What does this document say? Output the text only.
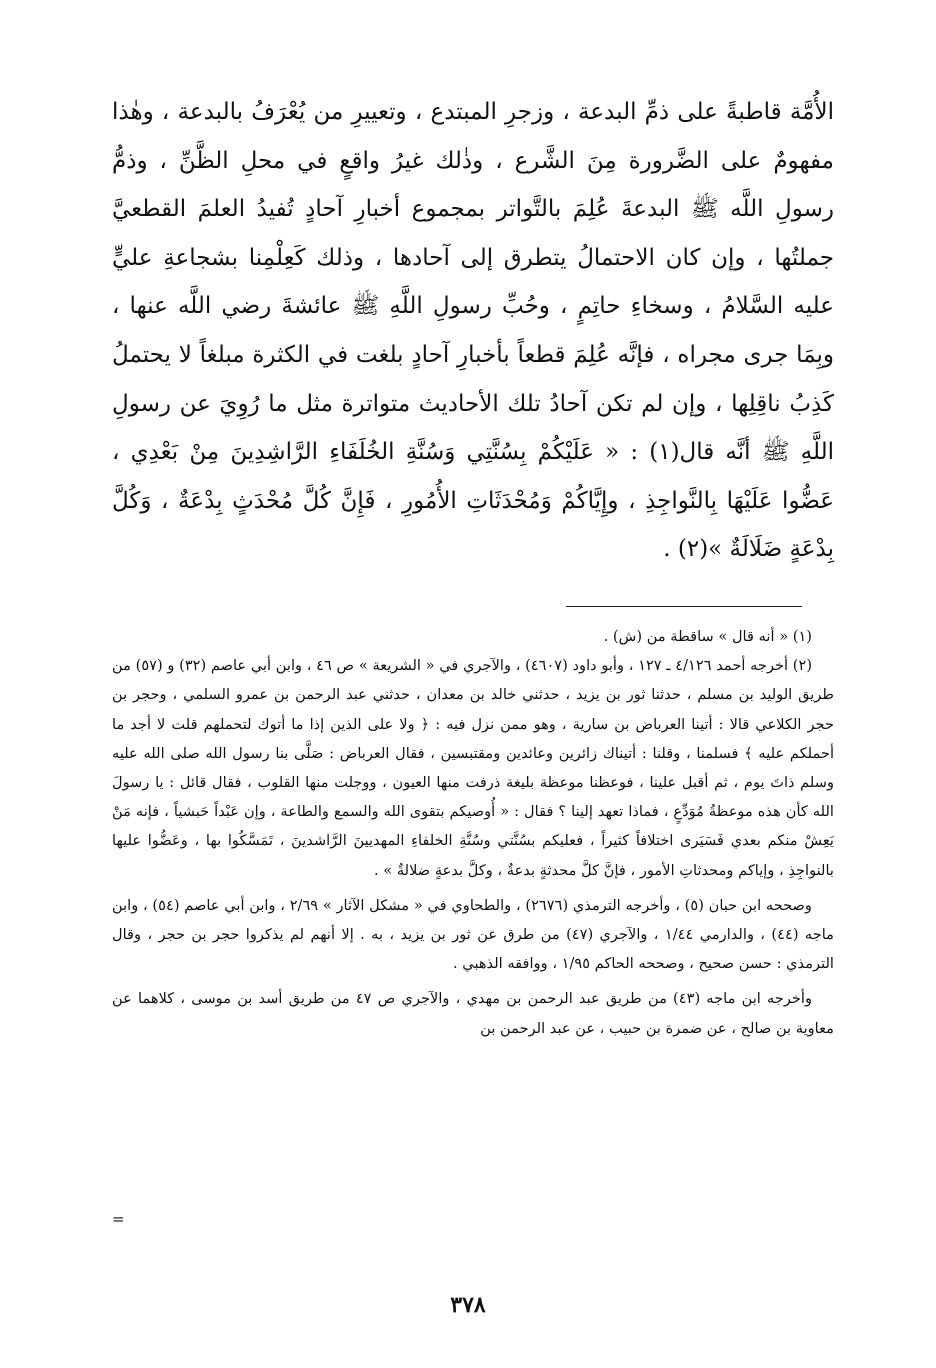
الأُمَّة قاطبةً على ذمِّ البدعة ، وزجرِ المبتدع ، وتعييرِ من يُعْرَفُ بالبدعة ، وهٰذا مفهومٌ على الضَّرورة مِنَ الشَّرع ، وذٰلك غيرُ واقعٍ في محلِ الظَّنِّ ، وذمُّ رسولِ اللَّه ﷺ البدعةَ عُلِمَ بالتَّواتر بمجموع أخبارِ آحادٍ تُفيدُ العلمَ القطعيَّ جملتُها ، وإن كان الاحتمالُ يتطرق إلى آحادها ، وذلك كَعِلْمِنا بشجاعةِ عليٍّ عليه السَّلامُ ، وسخاءِ حاتِمٍ ، وحُبِّ رسولِ اللَّهِ ﷺ عائشةَ رضي اللَّه عنها ، وبِمَا جرى مجراه ، فإنَّه عُلِمَ قطعاً بأخبارِ آحادٍ بلغت في الكثرة مبلغاً لا يحتملُ كَذِبُ ناقِلِها ، وإن لم تكن آحادُ تلك الأحاديث متواترة مثل ما رُوِيَ عن رسولِ اللَّهِ ﷺ أنَّه قال(١) : « عَلَيْكُمْ بِسُنَّتِي وَسُنَّةِ الخُلَفَاءِ الرَّاشِدِينَ مِنْ بَعْدِي ، عَضُّوا عَلَيْهَا بِالنَّواجِذِ ، وإِيَّاكُمْ وَمُحْدَثَاتِ الأُمُورِ ، فَإِنَّ كُلَّ مُحْدَثٍ بِدْعَةٌ ، وَكُلَّ بِدْعَةٍ ضَلَالَةٌ »(٢) .

(١) « أنه قال » ساقطة من (ش) .

(٢) أخرجه أحمد ٤/١٢٦ ـ ١٢٧ ، وأبو داود (٤٦٠٧) ، والآجري في « الشريعة » ص ٤٦ ، وابن أبي عاصم (٣٢) و (٥٧) من طريق الوليد بن مسلم ، حدثنا ثور بن يزيد ، حدثني خالد بن معدان ، حدثني عبد الرحمن بن عمرو السلمي ، وحجر بن حجر الكلاعي قالا : أتينا العرباض بن سارية ، وهو ممن نزل فيه : ﴿ ولا على الذين إذا ما أتوك لتحملهم قلت لا أجد ما أحملكم عليه ﴾ فسلمنا ، وقلنا : أتيناك زائرين وعائدين ومقتبسين ، فقال العرباض : صَلَّى بنا رسول الله صلى الله عليه وسلم ذاتَ يوم ، ثم أقبل علينا ، فوعظنا موعظة بليغة ذرفت منها العيون ، ووجلت منها القلوب ، فقال قائل : يا رسولَ الله كأن هذه موعظةُ مُوَدِّعٍ ، فماذا تعهد إلينا ؟ فقال : « أُوصيكم بتقوى الله والسمع والطاعة ، وإن عَبْداً حَبشياً ، فإنه مَنْ يَعِشْ منكم بعدي فَسَيَرى اختلافاً كثيراً ، فعليكم بسُنَّتي وسُنَّةِ الخلفاءِ المهديينَ الرَّاشدينَ ، تَمَسَّكُوا بها ، وعَضُّوا عليها بالنواجِذِ ، وإياكم ومحدثاتِ الأمور ، فإنَّ كلَّ محدثةٍ بدعةٌ ، وكلَّ بدعةٍ ضلالةٌ » .

وصححه ابن حبان (٥) ، وأخرجه الترمذي (٢٦٧٦) ، والطحاوي في « مشكل الآثار » ٢/٦٩ ، وابن أبي عاصم (٥٤) ، وابن ماجه (٤٤) ، والدارمي ١/٤٤ ، والآجري (٤٧) من طرق عن ثور بن يزيد ، به . إلا أنهم لم يذكروا حجر بن حجر ، وقال الترمذي : حسن صحيح ، وصححه الحاكم ١/٩٥ ، ووافقه الذهبي .

وأخرجه ابن ماجه (٤٣) من طريق عبد الرحمن بن مهدي ، والآجري ص ٤٧ من طريق أسد بن موسى ، كلاهما عن معاوية بن صالح ، عن ضمرة بن حبيب ، عن عبد الرحمن بن

=
٣٧٨
